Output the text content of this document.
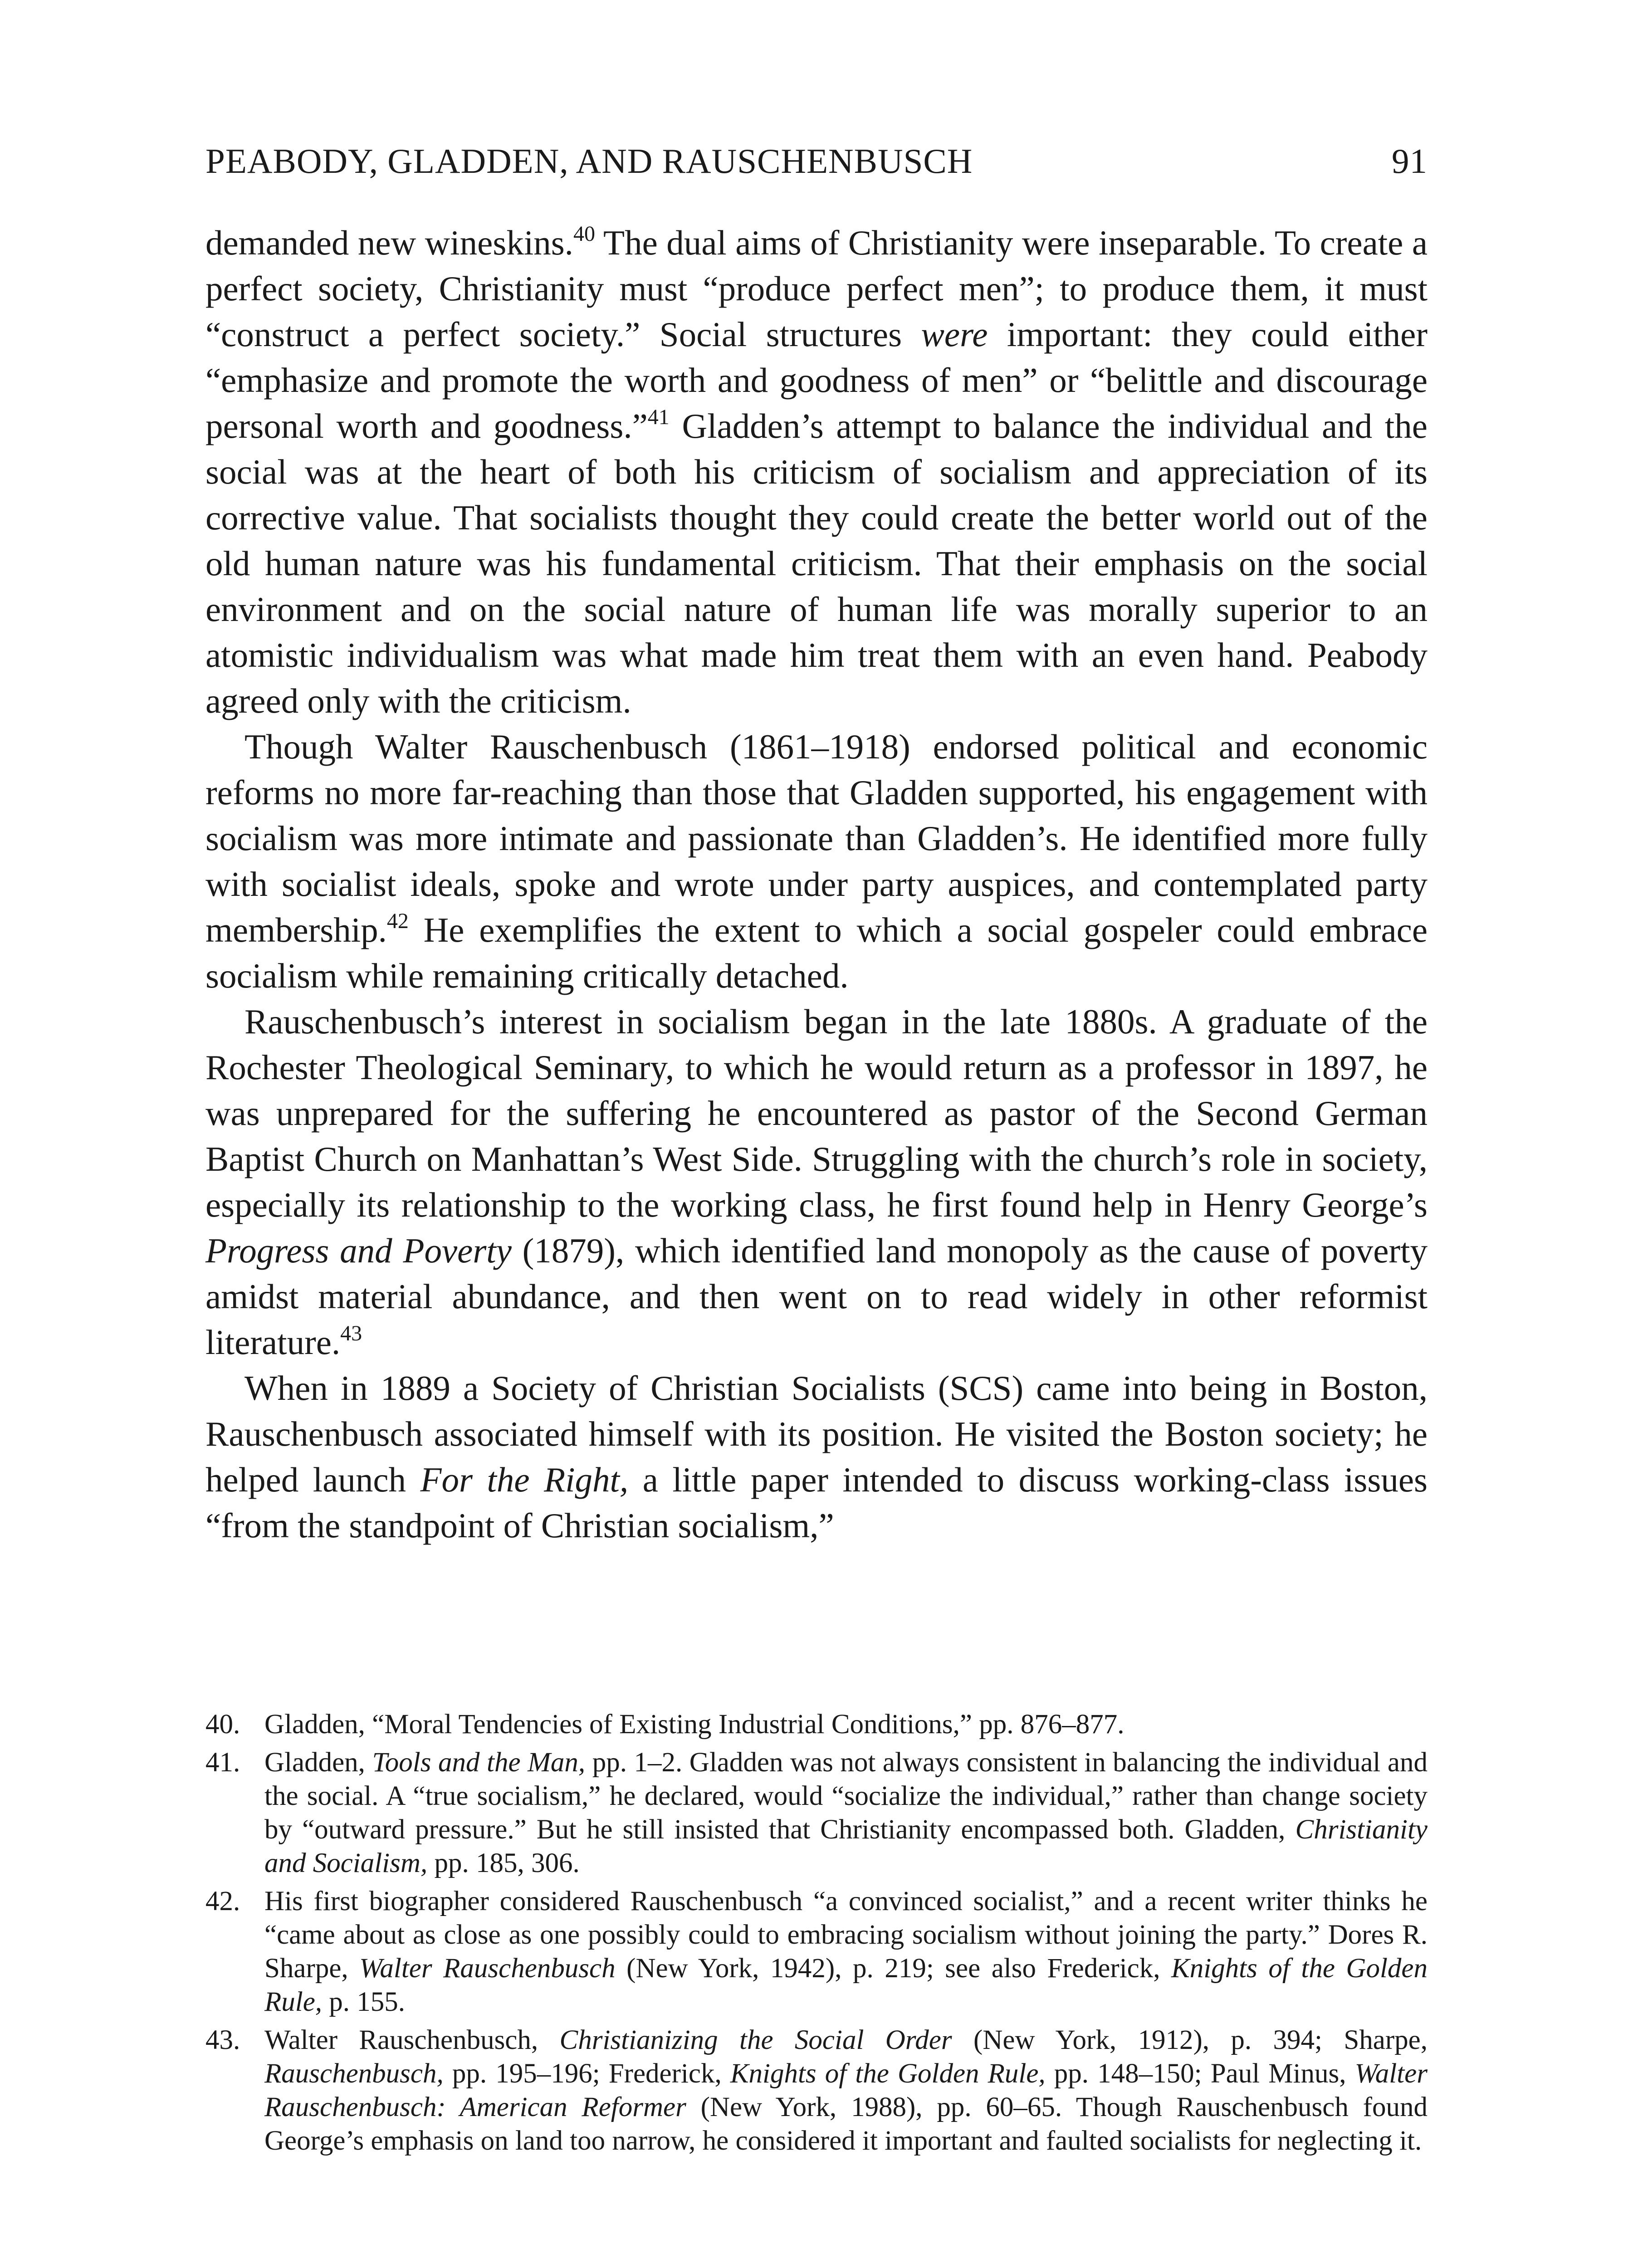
PEABODY, GLADDEN, AND RAUSCHENBUSCH	91

demanded new wineskins.$^{40}$ The dual aims of Christianity were inseparable. To create a perfect society, Christianity must “produce perfect men”; to produce them, it must “construct a perfect society.” Social structures were important: they could either “emphasize and promote the worth and goodness of men” or “belittle and discourage personal worth and goodness.”$^{41}$ Gladden’s attempt to balance the individual and the social was at the heart of both his criticism of socialism and appreciation of its corrective value. That socialists thought they could create the better world out of the old human nature was his fundamental criticism. That their emphasis on the social environment and on the social nature of human life was morally superior to an atomistic individualism was what made him treat them with an even hand. Peabody agreed only with the criticism.

Though Walter Rauschenbusch (1861–1918) endorsed political and economic reforms no more far-reaching than those that Gladden supported, his engagement with socialism was more intimate and passionate than Gladden’s. He identified more fully with socialist ideals, spoke and wrote under party auspices, and contemplated party membership.$^{42}$ He exemplifies the extent to which a social gospeler could embrace socialism while remaining critically detached.

Rauschenbusch’s interest in socialism began in the late 1880s. A graduate of the Rochester Theological Seminary, to which he would return as a professor in 1897, he was unprepared for the suffering he encountered as pastor of the Second German Baptist Church on Manhattan’s West Side. Struggling with the church’s role in society, especially its relationship to the working class, he first found help in Henry George’s Progress and Poverty (1879), which identified land monopoly as the cause of poverty amidst material abundance, and then went on to read widely in other reformist literature.$^{43}$

When in 1889 a Society of Christian Socialists (SCS) came into being in Boston, Rauschenbusch associated himself with its position. He visited the Boston society; he helped launch For the Right, a little paper intended to discuss working-class issues “from the standpoint of Christian socialism,”

40. Gladden, “Moral Tendencies of Existing Industrial Conditions,” pp. 876–877.

41. Gladden, Tools and the Man, pp. 1–2. Gladden was not always consistent in balancing the individual and the social. A “true socialism,” he declared, would “socialize the individual,” rather than change society by “outward pressure.” But he still insisted that Christianity encompassed both. Gladden, Christianity and Socialism, pp. 185, 306.

42. His first biographer considered Rauschenbusch “a convinced socialist,” and a recent writer thinks he “came about as close as one possibly could to embracing socialism without joining the party.” Dores R. Sharpe, Walter Rauschenbusch (New York, 1942), p. 219; see also Frederick, Knights of the Golden Rule, p. 155.

43. Walter Rauschenbusch, Christianizing the Social Order (New York, 1912), p. 394; Sharpe, Rauschenbusch, pp. 195–196; Frederick, Knights of the Golden Rule, pp. 148–150; Paul Minus, Walter Rauschenbusch: American Reformer (New York, 1988), pp. 60–65. Though Rauschenbusch found George’s emphasis on land too narrow, he considered it important and faulted socialists for neglecting it.
